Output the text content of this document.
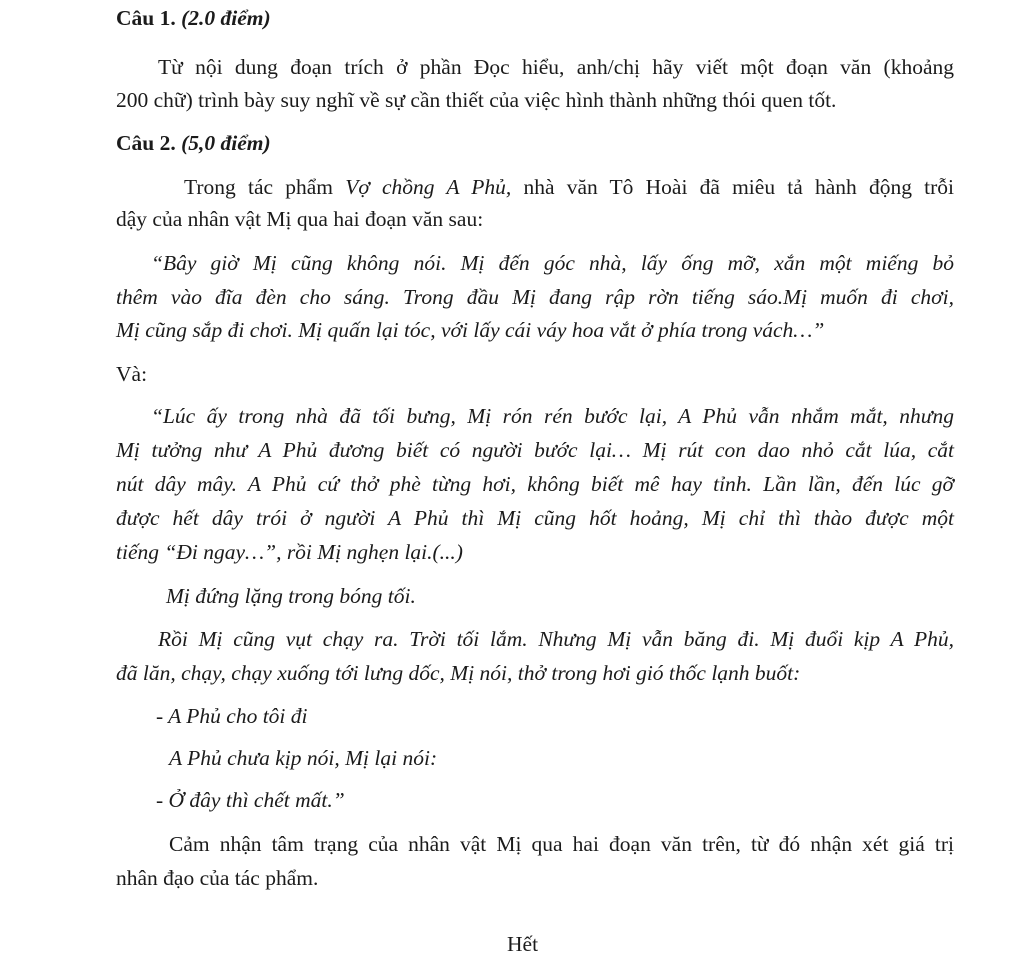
Câu 1. (2.0 điểm)
Từ nội dung đoạn trích ở phần Đọc hiểu, anh/chị hãy viết một đoạn văn (khoảng
200 chữ) trình bày suy nghĩ về sự cần thiết của việc hình thành những thói quen tốt.
Câu 2. (5,0 điểm)
Trong tác phẩm Vợ chồng A Phủ, nhà văn Tô Hoài đã miêu tả hành động trỗi
dậy của nhân vật Mị qua hai đoạn văn sau:
“Bây giờ Mị cũng không nói. Mị đến góc nhà, lấy ống mỡ, xắn một miếng bỏ
thêm vào đĩa đèn cho sáng. Trong đầu Mị đang rập rờn tiếng sáo.Mị muốn đi chơi,
Mị cũng sắp đi chơi. Mị quấn lại tóc, với lấy cái váy hoa vắt ở phía trong vách…”
Và:
“Lúc ấy trong nhà đã tối bưng, Mị rón rén bước lại, A Phủ vẫn nhắm mắt, nhưng
Mị tưởng như A Phủ đương biết có người bước lại… Mị rút con dao nhỏ cắt lúa, cắt
nút dây mây. A Phủ cứ thở phè từng hơi, không biết mê hay tỉnh. Lần lần, đến lúc gỡ
được hết dây trói ở người A Phủ thì Mị cũng hốt hoảng, Mị chỉ thì thào được một
tiếng “Đi ngay…”, rồi Mị nghẹn lại.(...)
Mị đứng lặng trong bóng tối.
Rồi Mị cũng vụt chạy ra. Trời tối lắm. Nhưng Mị vẫn băng đi. Mị đuổi kịp A Phủ,
đã lăn, chạy, chạy xuống tới lưng dốc, Mị nói, thở trong hơi gió thốc lạnh buốt:
- A Phủ cho tôi đi
A Phủ chưa kịp nói, Mị lại nói:
- Ở đây thì chết mất.”
Cảm nhận tâm trạng của nhân vật Mị qua hai đoạn văn trên, từ đó nhận xét giá trị
nhân đạo của tác phẩm.
Hết
